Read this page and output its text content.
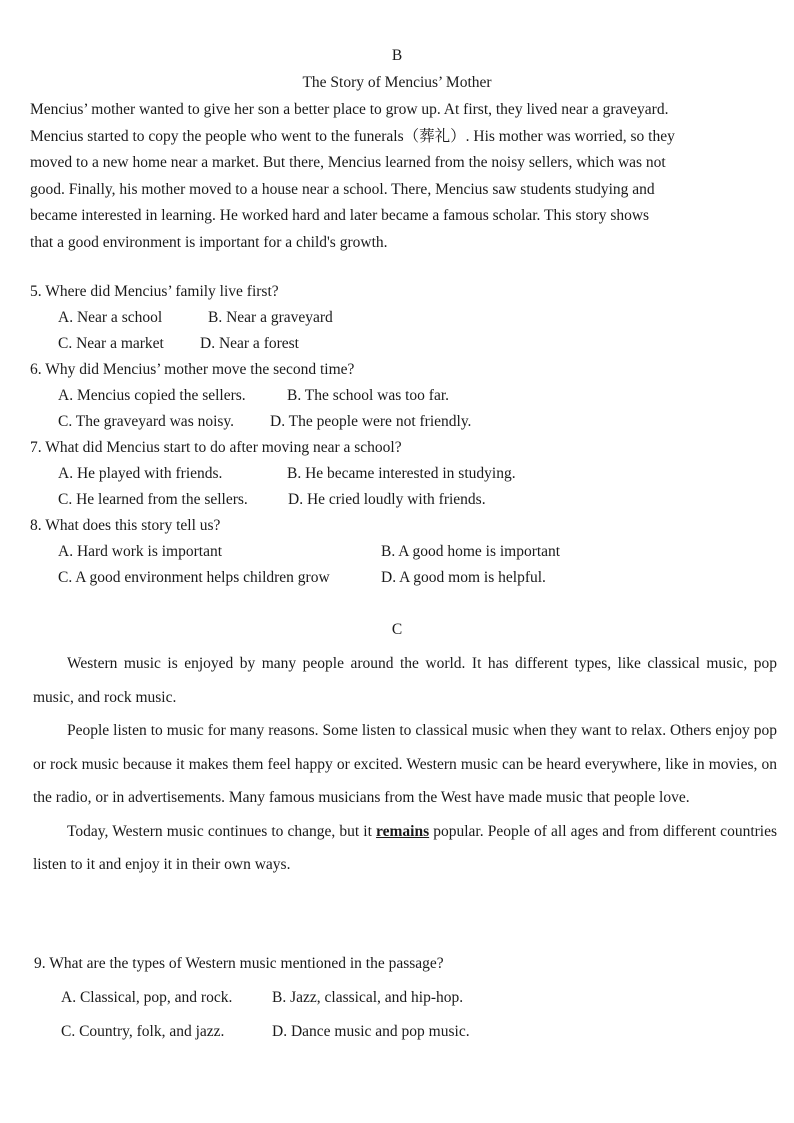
B
The Story of Mencius’ Mother
Mencius’ mother wanted to give her son a better place to grow up. At first, they lived near a graveyard.
Mencius started to copy the people who went to the funerals（葬礼）. His mother was worried, so they
moved to a new home near a market. But there, Mencius learned from the noisy sellers, which was not
good. Finally, his mother moved to a house near a school. There, Mencius saw students studying and
became interested in learning. He worked hard and later became a famous scholar. This story shows
that a good environment is important for a child's growth.
5. Where did Mencius’ family live first?
A. Near a school	B. Near a graveyard
C. Near a market D. Near a forest
6. Why did Mencius’ mother move the second time?
A. Mencius copied the sellers.	B. The school was too far.
C. The graveyard was noisy. D. The people were not friendly.
7. What did Mencius start to do after moving near a school?
A. He played with friends.	B. He became interested in studying.
C. He learned from the sellers.	D. He cried loudly with friends.
8. What does this story tell us?
A. Hard work is important	B. A good home is important
C. A good environment helps children grow	D. A good mom is helpful.
C
Western music is enjoyed by many people around the world. It has different types, like classical music, pop music, and rock music.
People listen to music for many reasons. Some listen to classical music when they want to relax. Others enjoy pop or rock music because it makes them feel happy or excited. Western music can be heard everywhere, like in movies, on the radio, or in advertisements. Many famous musicians from the West have made music that people love.
Today, Western music continues to change, but it remains popular. People of all ages and from different countries listen to it and enjoy it in their own ways.
9. What are the types of Western music mentioned in the passage?
A. Classical, pop, and rock.	B. Jazz, classical, and hip-hop.
C. Country, folk, and jazz.	D. Dance music and pop music.
